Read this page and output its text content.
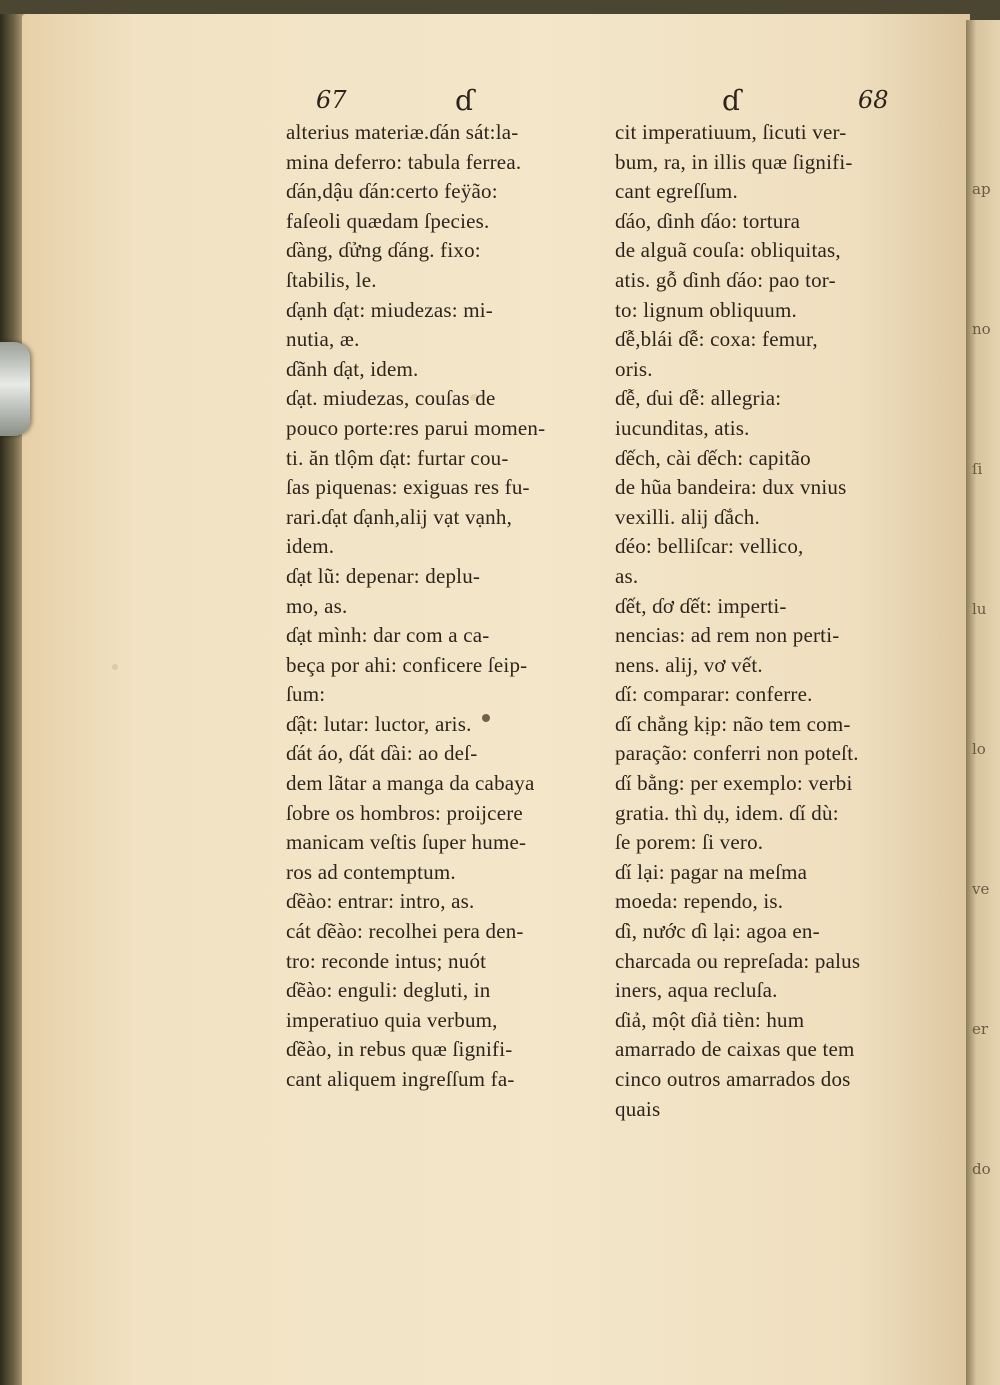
ap
no
ſi
lu
lo
ve
er
do
67	ɗ	ɗ	68
alterius materiæ.ɗán sát:la-
mina deferro: tabula ferrea.
ɗán,dậu ɗán:certo feÿão:
faſeoli quædam ſpecies.
ɗàng, ɗửng ɗáng. fixo:
ſtabilis, le.
ɗạnh ɗạt: miudezas: mi-
nutia, æ.
ɗãnh ɗạt, idem.
ɗạt. miudezas, couſas de
pouco porte:res parui momen-
ti. ăn tlộm ɗạt: furtar cou-
ſas piquenas: exiguas res fu-
rari.ɗạt ɗạnh,alij vạt vạnh,
idem.
ɗạt lũ: depenar: deplu-
mo, as.
ɗạt mình: dar com a ca-
beça por ahi: conficere ſeip-
ſum:
ɗật: lutar: luctor, aris.
ɗát áo, ɗát ɗài: ao deſ-
dem lãtar a manga da cabaya
ſobre os hombros: proijcere
manicam veſtis ſuper hume-
ros ad contemptum.
ɗẽào: entrar: intro, as.
cát ɗẽào: recolhei pera den-
tro: reconde intus; nuót
ɗẽào: enguli: degluti, in
imperatiuo quia verbum,
ɗẽào, in rebus quæ ſignifi-
cant aliquem ingreſſum fa-
cit imperatiuum, ſicuti ver-
bum, ra, in illis quæ ſignifi-
cant egreſſum.
ɗáo, ɗinh ɗáo: tortura
de alguã couſa: obliquitas,
atis. gỗ ɗinh ɗáo: pao tor-
to: lignum obliquum.
ɗễ,blái ɗễ: coxa: femur,
oris.
ɗễ, ɗui ɗễ: allegria:
iucunditas, atis.
ɗếch, cài ɗếch: capitão
de hũa bandeira: dux vnius
vexilli. alij ɗắch.
ɗéo: belliſcar: vellico,
as.
ɗết, ɗơ ɗết: imperti-
nencias: ad rem non perti-
nens. alij, vơ vết.
ɗí: comparar: conferre.
ɗí chẳng kịp: não tem com-
paração: conferri non poteſt.
ɗí bằng: per exemplo: verbi
gratia. thì dụ, idem. ɗí dù:
ſe porem: ſi vero.
ɗí lại: pagar na meſma
moeda: rependo, is.
ɗì, nước ɗì lại: agoa en-
charcada ou repreſada: palus
iners, aqua recluſa.
ɗiả, một ɗiả tièn: hum
amarrado de caixas que tem
cinco outros amarrados dos
quais
